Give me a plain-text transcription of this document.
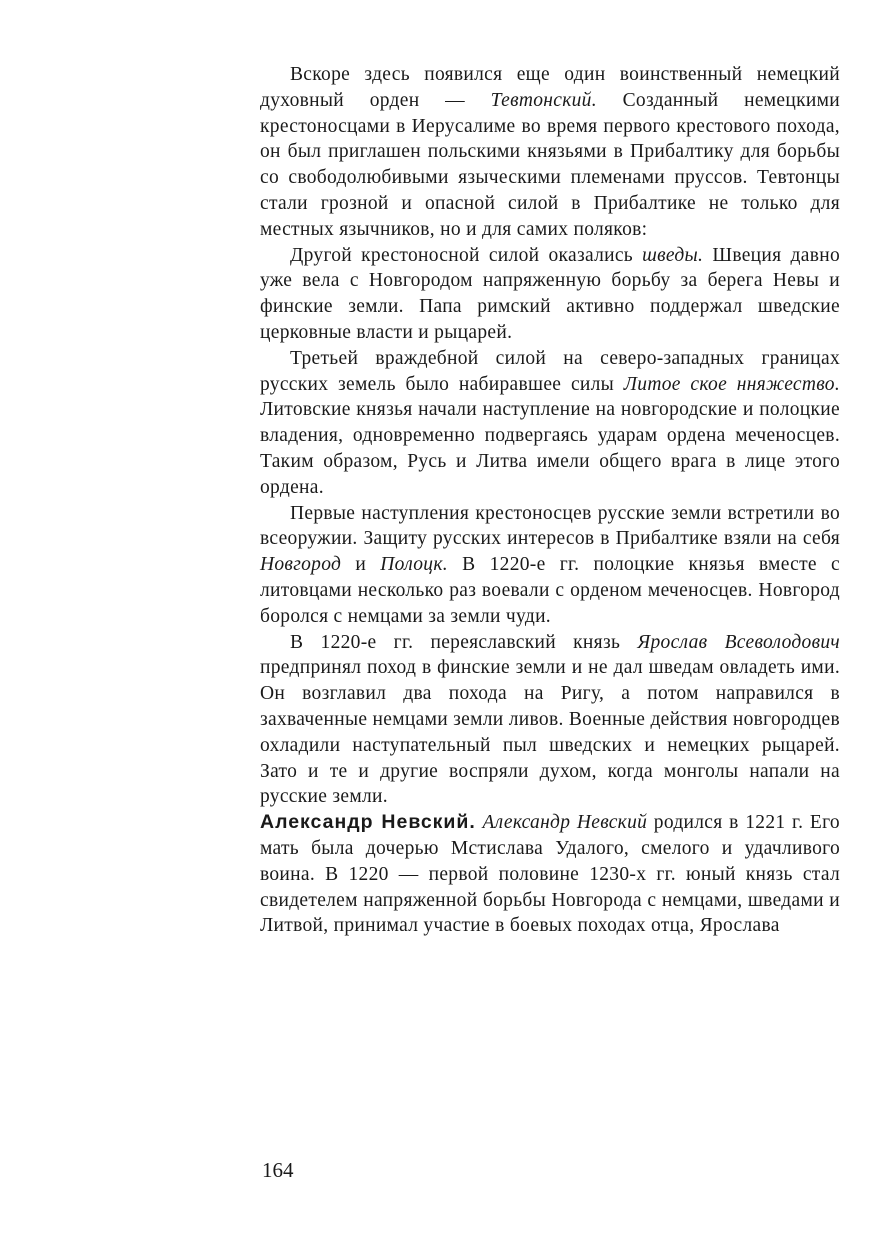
Вскоре здесь появился еще один воинственный немецкий духовный орден — Тевтонский. Созданный немецкими крестоносцами в Иерусалиме во время первого крестового похода, он был приглашен польскими князьями в Прибалтику для борьбы со свободолюбивыми языческими племенами пруссов. Тевтонцы стали грозной и опасной силой в Прибалтике не только для местных язычников, но и для самих поляков:

Другой крестоносной силой оказались шведы. Швеция давно уже вела с Новгородом напряженную борьбу за берега Невы и финские земли. Папа римский активно поддержал шведские церковные власти и рыцарей.

Третьей враждебной силой на северо-западных границах русских земель было набиравшее силы Литое ское нняжество. Литовские князья начали наступление на новгородские и полоцкие владения, одновременно подвергаясь ударам ордена меченосцев. Таким образом, Русь и Литва имели общего врага в лице этого ордена.

Первые наступления крестоносцев русские земли встретили во всеоружии. Защиту русских интересов в Прибалтике взяли на себя Новгород и Полоцк. В 1220-е гг. полоцкие князья вместе с литовцами несколько раз воевали с орденом меченосцев. Новгород боролся с немцами за земли чуди.

В 1220-е гг. переяславский князь Ярослав Всеволодович предпринял поход в финские земли и не дал шведам овладеть ими. Он возглавил два похода на Ригу, а потом направился в захваченные немцами земли ливов. Военные действия новгородцев охладили наступательный пыл шведских и немецких рыцарей. Зато и те и другие воспряли духом, когда монголы напали на русские земли.

Александр Невский. Александр Невский родился в 1221 г. Его мать была дочерью Мстислава Удалого, смелого и удачливого воина. В 1220 — первой половине 1230-х гг. юный князь стал свидетелем напряженной борьбы Новгорода с немцами, шведами и Литвой, принимал участие в боевых походах отца, Ярослава

164
